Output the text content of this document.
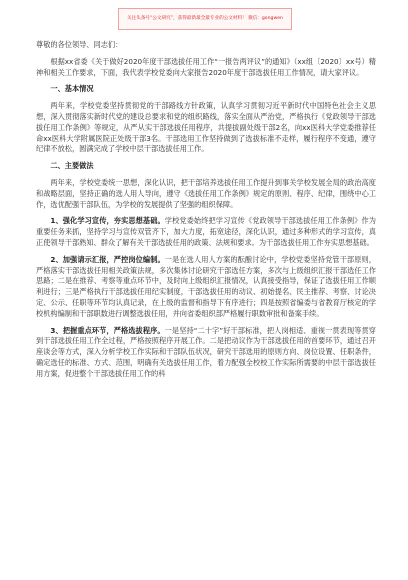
关注头条号“公文研究”，获得最新最全最专业的公文材料！ 微信：gongwen

尊敬的各位领导、同志们：

根据xx省委《关于做好2020年度干部选拔任用工作“一报告两评议”的通知》（xx组〔2020〕xx号）精神和相关工作要求，下面，我代表学校党委向大家报告2020年度干部选拔任用工作情况，请大家评议。

一、基本情况

两年来，学校党委坚持贯彻党的干部路线方针政策，认真学习贯彻习近平新时代中国特色社会主义思想，深入贯彻落实新时代党的建设总要求和党的组织路线，落实全面从严治党，严格执行《党政领导干部选拔任用工作条例》等规定，从严从实干部选拔任用程序，共提拔副处级干部2名，向xx医科大学党委推荐任命xx医科大学附属医院正处级干部3名。干部选用工作坚持做到了选拔标准不走样，履行程序不变通，遵守纪律不放松，圆满完成了学校中层干部选拔任用工作。

二、主要做法

两年来，学校党委统一思想，深化认识，把干部培养选拔任用工作提升到事关学校发展全局的政治高度和战略层面，坚持正确的选人用人导向，遵守《选拔任用工作条例》规定的原则、程序、纪律，围绕中心工作，选优配强干部队伍，为学校的发展提供了坚强的组织保障。

1、强化学习宣传，夯实思想基础。学校党委始终把学习宣传《党政领导干部选拔任用工作条例》作为重要任务来抓，坚持学习与宣传双管齐下，加大力度，拓宽途径，深化认识，通过多种形式的学习宣传，真正使领导干部熟知、群众了解有关干部选拔任用的政策、法规和要求。为干部选拔任用工作夯实思想基础。

2、加强请示汇报，严控岗位编制。一是在选人用人方案的酝酿讨论中，学校党委坚持党管干部原则，严格落实干部选拔任用相关政策法规，多次集体讨论研究干部选任方案，多次与上级组织汇报干部选任工作思路；二是在推荐、考察等重点环节中，及时向上级组织汇报情况，认真接受指导，保证了选拔任用工作顺利进行；三是严格执行干部选拔任用纪实制度，干部选拔任用的动议、初始提名、民主推荐、考察、讨论决定、公示、任职等环节均认真记录，在上级的监督和指导下有序进行；四是按照省编委与省教育厅核定的学校机构编制和干部职数进行调整选拔任用，并向省委组织部严格履行职数审批和备案手续。

3、把握重点环节，严格选拔程序。一是坚持“二十字”好干部标准，把人岗相适、重视一贯表现等贯穿到干部选拔任用工作全过程，严格按照程序开展工作。二是把动议作为干部选拔任用的首要环节，通过召开座谈会等方式，深入分析学校工作实际和干部队伍状况，研究干部选用的原则方向、岗位设置、任职条件，确定选任的标准、方式、范围，明确有关选拔任用工作，着力配强全校校工作实际所需要的中层干部选拔任用方案，促进整个干部选拔任用工作的科
